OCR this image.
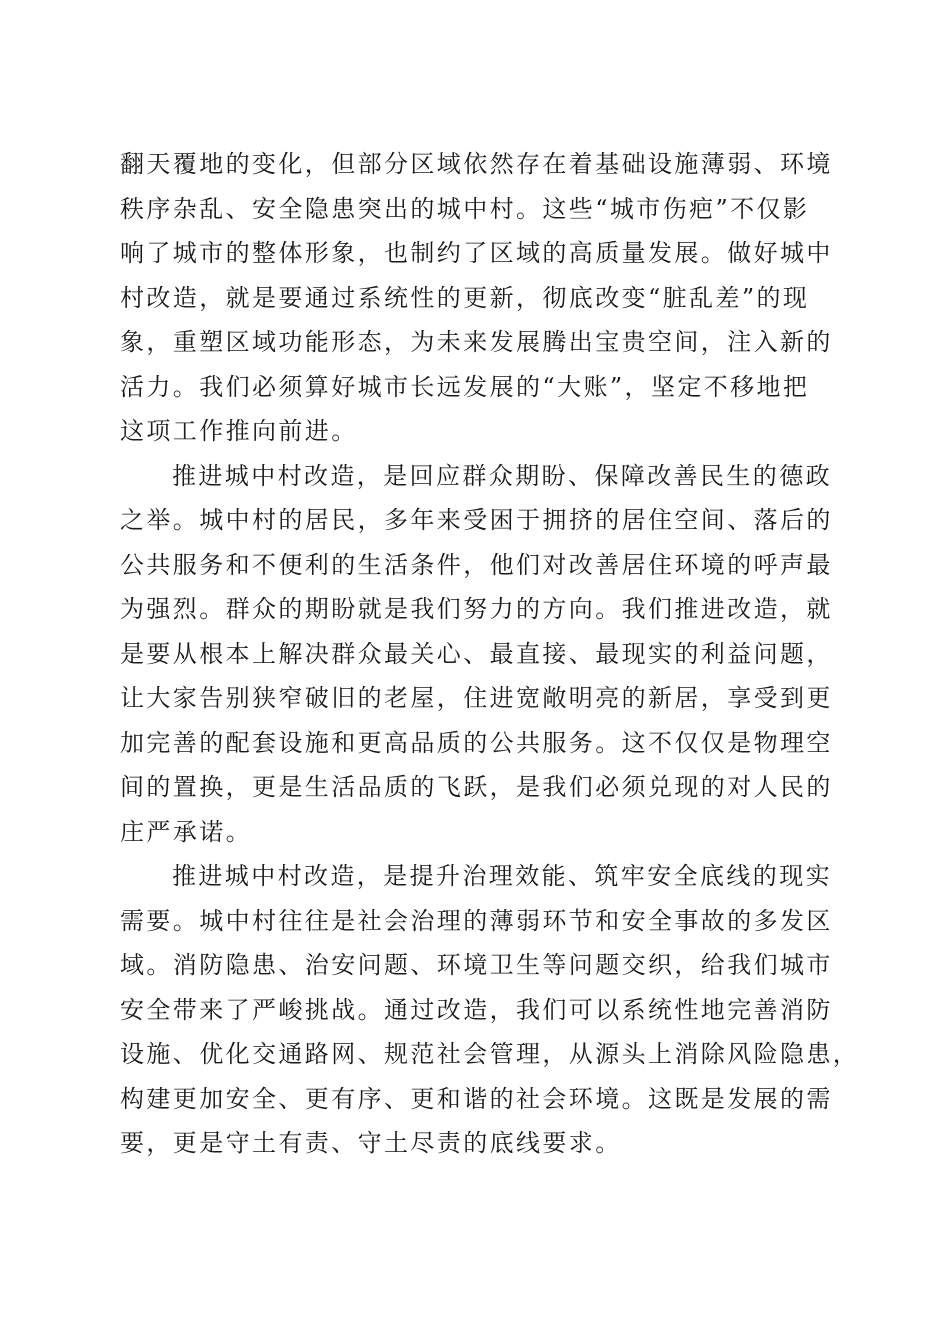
翻天覆地的变化，但部分区域依然存在着基础设施薄弱、环境
秩序杂乱、安全隐患突出的城中村。这些“城市伤疤”不仅影
响了城市的整体形象，也制约了区域的高质量发展。做好城中
村改造，就是要通过系统性的更新，彻底改变“脏乱差”的现
象，重塑区域功能形态，为未来发展腾出宝贵空间，注入新的
活力。我们必须算好城市长远发展的“大账”，坚定不移地把
这项工作推向前进。
推进城中村改造，是回应群众期盼、保障改善民生的德政
之举。城中村的居民，多年来受困于拥挤的居住空间、落后的
公共服务和不便利的生活条件，他们对改善居住环境的呼声最
为强烈。群众的期盼就是我们努力的方向。我们推进改造，就
是要从根本上解决群众最关心、最直接、最现实的利益问题，
让大家告别狭窄破旧的老屋，住进宽敞明亮的新居，享受到更
加完善的配套设施和更高品质的公共服务。这不仅仅是物理空
间的置换，更是生活品质的飞跃，是我们必须兑现的对人民的
庄严承诺。
推进城中村改造，是提升治理效能、筑牢安全底线的现实
需要。城中村往往是社会治理的薄弱环节和安全事故的多发区
域。消防隐患、治安问题、环境卫生等问题交织，给我们城市
安全带来了严峻挑战。通过改造，我们可以系统性地完善消防
设施、优化交通路网、规范社会管理，从源头上消除风险隐患，
构建更加安全、更有序、更和谐的社会环境。这既是发展的需
要，更是守土有责、守土尽责的底线要求。
